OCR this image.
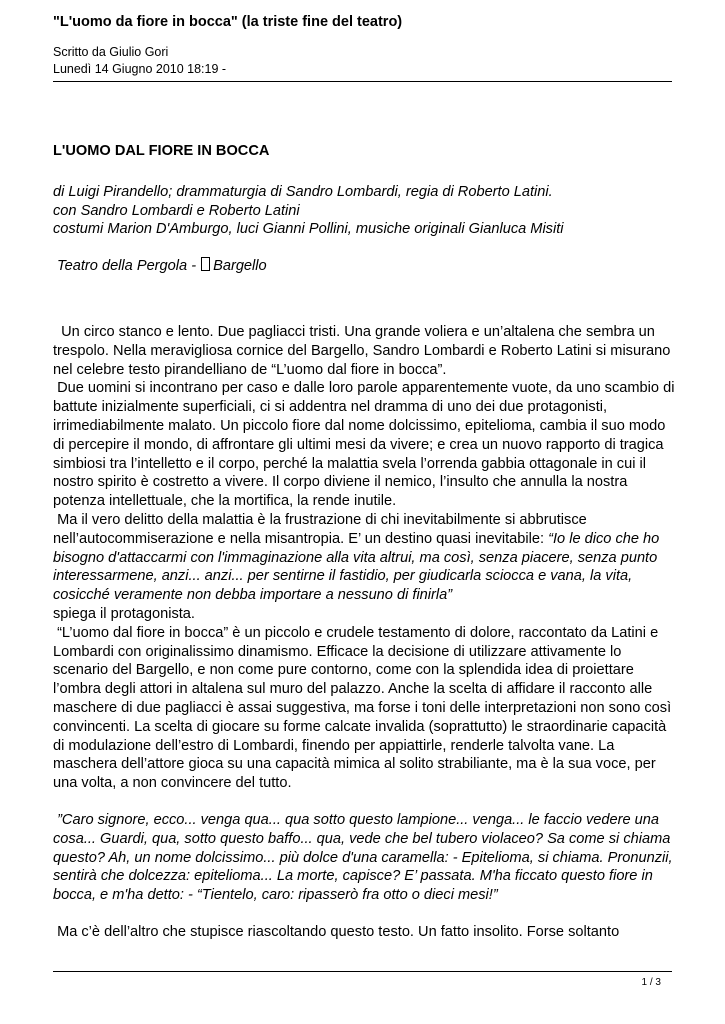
"L'uomo da fiore in bocca" (la triste fine del teatro)
Scritto da Giulio Gori
Lunedì 14 Giugno 2010 18:19 -

L'UOMO DAL FIORE IN BOCCA

di Luigi Pirandello; drammaturgia di Sandro Lombardi, regia di Roberto Latini.

con Sandro Lombardi e Roberto Latini

costumi Marion D'Amburgo, luci Gianni Pollini, musiche originali Gianluca Misiti

Teatro della Pergola - Bargello

Un circo stanco e lento. Due pagliacci tristi. Una grande voliera e un’altalena che sembra un trespolo. Nella meravigliosa cornice del Bargello, Sandro Lombardi e Roberto Latini si misurano nel celebre testo pirandelliano de “L’uomo dal fiore in bocca”.

Due uomini si incontrano per caso e dalle loro parole apparentemente vuote, da uno scambio di battute inizialmente superficiali, ci si addentra nel dramma di uno dei due protagonisti, irrimediabilmente malato. Un piccolo fiore dal nome dolcissimo, epitelioma, cambia il suo modo di percepire il mondo, di affrontare gli ultimi mesi da vivere; e crea un nuovo rapporto di tragica simbiosi tra l’intelletto e il corpo, perché la malattia svela l’orrenda gabbia ottagonale in cui il nostro spirito è costretto a vivere. Il corpo diviene il nemico, l’insulto che annulla la nostra potenza intellettuale, che la mortifica, la rende inutile.

Ma il vero delitto della malattia è la frustrazione di chi inevitabilmente si abbrutisce nell’autocommiserazione e nella misantropia. E’ un destino quasi inevitabile: “Io le dico che ho bisogno d'attaccarmi con l'immaginazione alla vita altrui, ma così, senza piacere, senza punto interessarmene, anzi... anzi... per sentirne il fastidio, per giudicarla sciocca e vana, la vita, cosicché veramente non debba importare a nessuno di finirla”

spiega il protagonista.

“L’uomo dal fiore in bocca” è un piccolo e crudele testamento di dolore, raccontato da Latini e Lombardi con originalissimo dinamismo. Efficace la decisione di utilizzare attivamente lo scenario del Bargello, e non come pure contorno, come con la splendida idea di proiettare l’ombra degli attori in altalena sul muro del palazzo. Anche la scelta di affidare il racconto alle maschere di due pagliacci è assai suggestiva, ma forse i toni delle interpretazioni non sono così convincenti. La scelta di giocare su forme calcate invalida (soprattutto) le straordinarie capacità di modulazione dell’estro di Lombardi, finendo per appiattirle, renderle talvolta vane. La maschera dell’attore gioca su una capacità mimica al solito strabiliante, ma è la sua voce, per una volta, a non convincere del tutto.

”Caro signore, ecco... venga qua... qua sotto questo lampione... venga... le faccio vedere una cosa... Guardi, qua, sotto questo baffo... qua, vede che bel tubero violaceo? Sa come si chiama questo? Ah, un nome dolcissimo... più dolce d'una caramella: - Epitelioma, si chiama. Pronunzii, sentirà che dolcezza: epitelioma... La morte, capisce? E’ passata. M'ha ficcato questo fiore in bocca, e m'ha detto: - “Tientelo, caro: ripasserò fra otto o dieci mesi!”

Ma c’è dell’altro che stupisce riascoltando questo testo. Un fatto insolito. Forse soltanto

1 / 3
